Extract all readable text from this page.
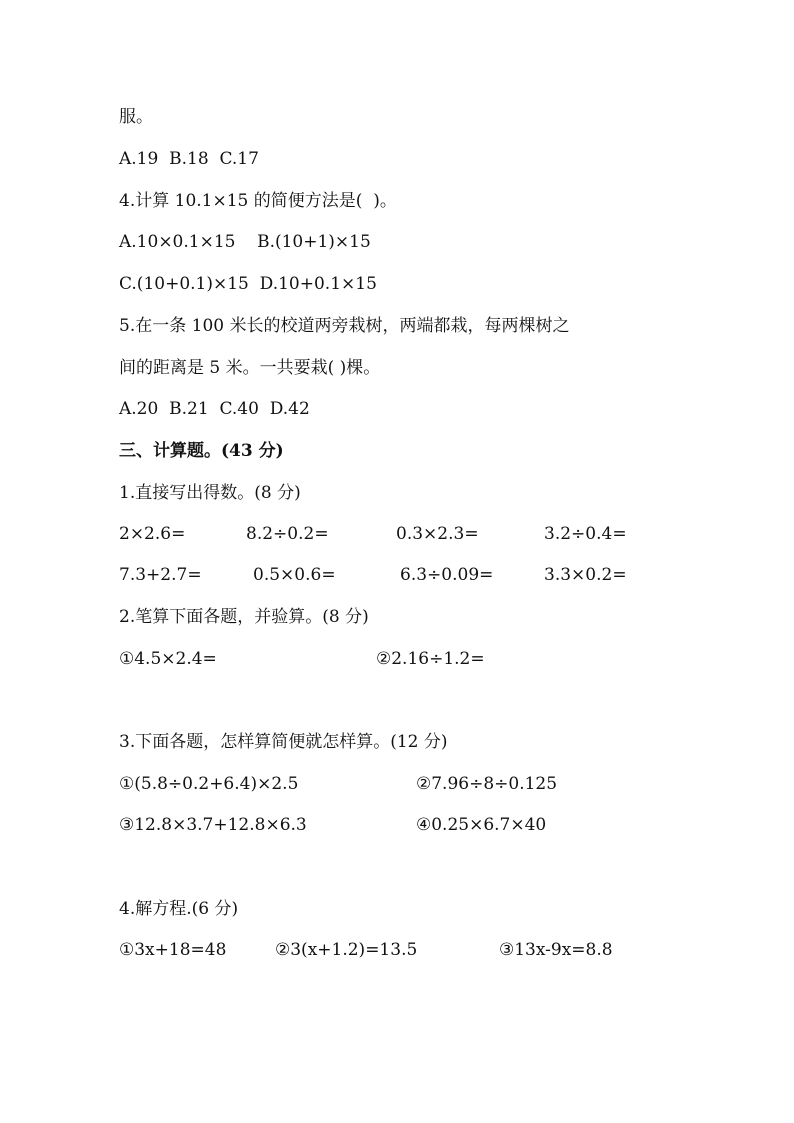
服。
A.19  B.18  C.17
4.计算 10.1×15 的简便方法是(  )。
A.10×0.1×15    B.(10+1)×15
C.(10+0.1)×15  D.10+0.1×15
5.在一条 100 米长的校道两旁栽树，两端都栽，每两棵树之
间的距离是 5 米。一共要栽( )棵。
A.20  B.21  C.40  D.42
三、计算题。(43 分)
1.直接写出得数。(8 分)
2×2.6=	8.2÷0.2=	0.3×2.3=	3.2÷0.4=
7.3+2.7=	0.5×0.6=	6.3÷0.09=	3.3×0.2=
2.笔算下面各题，并验算。(8 分)
①4.5×2.4=	②2.16÷1.2=
3.下面各题，怎样算简便就怎样算。(12 分)
①(5.8÷0.2+6.4)×2.5	②7.96÷8÷0.125
③12.8×3.7+12.8×6.3	④0.25×6.7×40
4.解方程.(6 分)
①3x+18=48	②3(x+1.2)=13.5	③13x-9x=8.8
